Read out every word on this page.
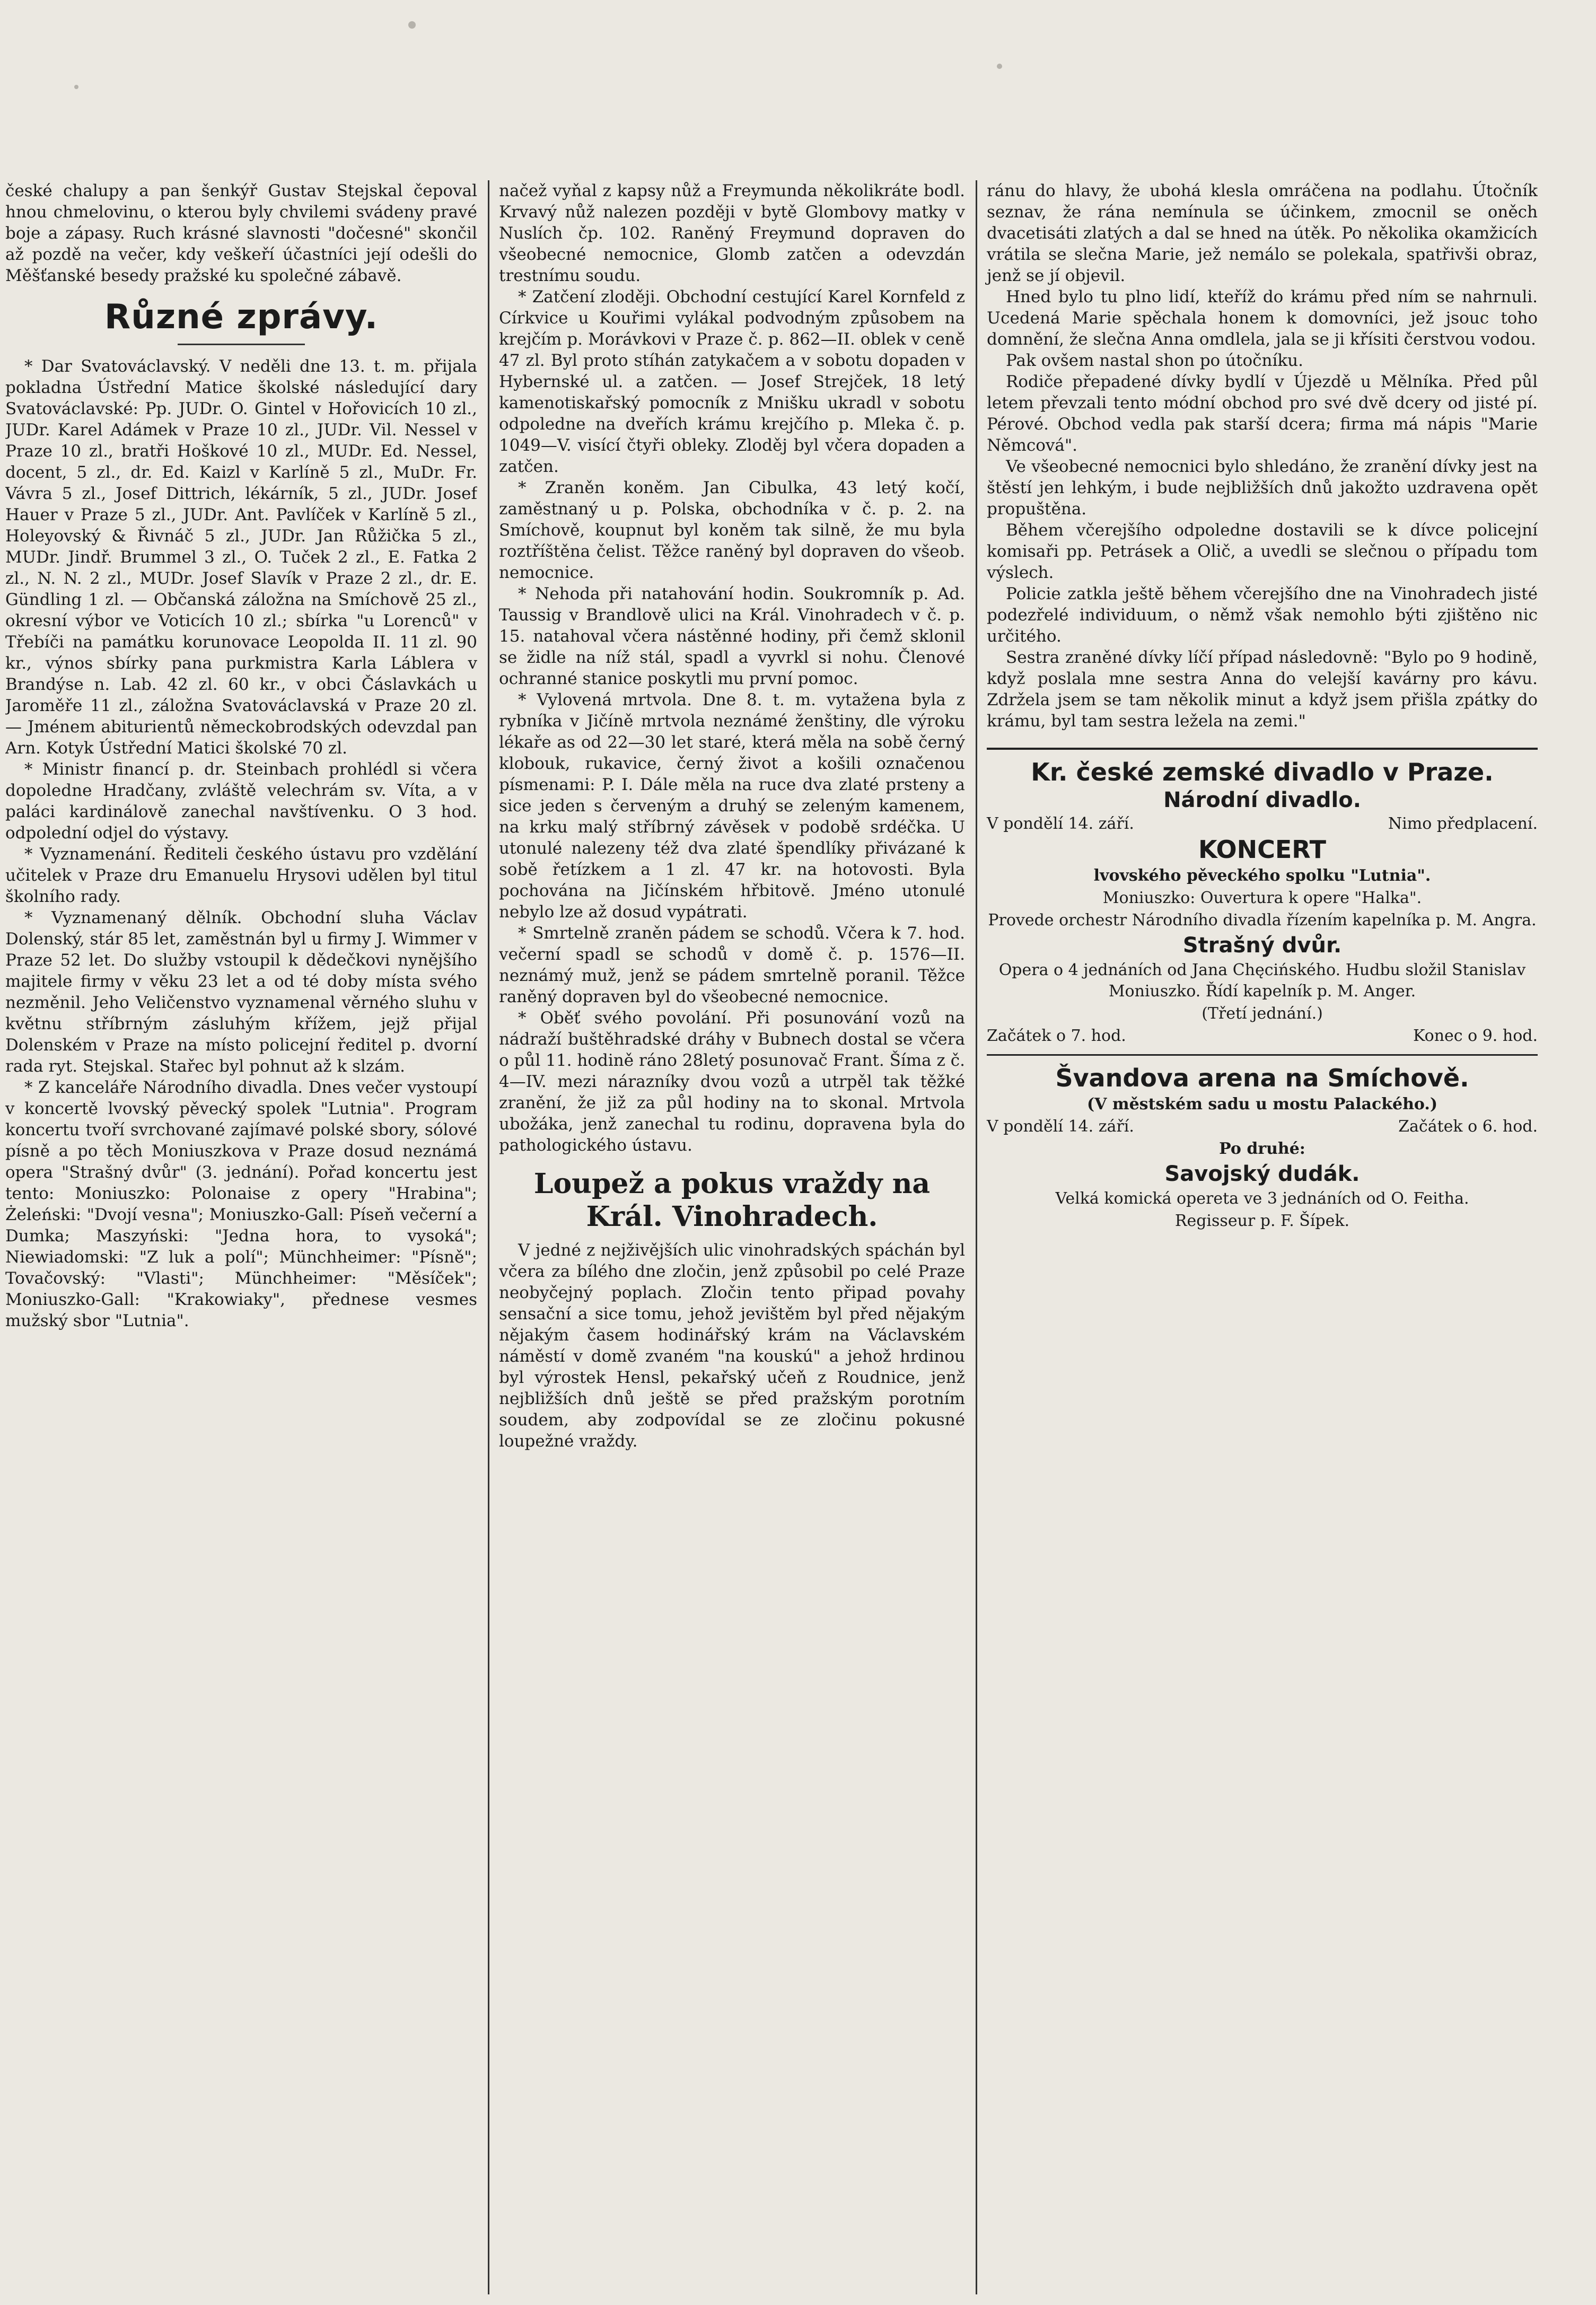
české chalupy a pan šenkýř Gustav Stejskal čepoval hnou chmelovinu, o kterou byly chvilemi svádeny pravé boje a zápasy. Ruch krásné slavnosti "dočesné" skončil až pozdě na večer, kdy veškeří účastníci její odešli do Měšťanské besedy pražské ku společné zábavě.

Různé zprávy.

* Dar Svatováclavský. V neděli dne 13. t. m. přijala pokladna Ústřední Matice školské následující dary Svatováclavské: Pp. JUDr. O. Gintel v Hořovicích 10 zl., JUDr. Karel Adámek v Praze 10 zl., JUDr. Vil. Nessel v Praze 10 zl., bratři Hoškové 10 zl., MUDr. Ed. Nessel, docent, 5 zl., dr. Ed. Kaizl v Karlíně 5 zl., MuDr. Fr. Vávra 5 zl., Josef Dittrich, lékárník, 5 zl., JUDr. Josef Hauer v Praze 5 zl., JUDr. Ant. Pavlíček v Karlíně 5 zl., Holeyovský & Řivnáč 5 zl., JUDr. Jan Růžička 5 zl., MUDr. Jindř. Brummel 3 zl., O. Tuček 2 zl., E. Fatka 2 zl., N. N. 2 zl., MUDr. Josef Slavík v Praze 2 zl., dr. E. Gündling 1 zl. — Občanská záložna na Smíchově 25 zl., okresní výbor ve Voticích 10 zl.; sbírka "u Lorenců" v Třebíči na památku korunovace Leopolda II. 11 zl. 90 kr., výnos sbírky pana purkmistra Karla Láblera v Brandýse n. Lab. 42 zl. 60 kr., v obci Čáslavkách u Jaroměře 11 zl., záložna Svatováclavská v Praze 20 zl. — Jménem abiturientů německobrodských odevzdal pan Arn. Kotyk Ústřední Matici školské 70 zl.

* Ministr financí p. dr. Steinbach prohlédl si včera dopoledne Hradčany, zvláště velechrám sv. Víta, a v paláci kardinálově zanechal navštívenku. O 3 hod. odpolední odjel do výstavy.

* Vyznamenání. Řediteli českého ústavu pro vzdělání učitelek v Praze dru Emanuelu Hrysovi udělen byl titul školního rady.

* Vyznamenaný dělník. Obchodní sluha Václav Dolenský, stár 85 let, zaměstnán byl u firmy J. Wimmer v Praze 52 let. Do služby vstoupil k dědečkovi nynějšího majitele firmy v věku 23 let a od té doby místa svého nezměnil. Jeho Veličenstvo vyznamenal věrného sluhu v květnu stříbrným zásluhým křížem, jejž přijal Dolenském v Praze na místo policejní ředitel p. dvorní rada ryt. Stejskal. Stařec byl pohnut až k slzám.

* Z kanceláře Národního divadla. Dnes večer vystoupí v koncertě lvovský pěvecký spolek "Lutnia". Program koncertu tvoří svrchované zajímavé polské sbory, sólové písně a po těch Moniuszkova v Praze dosud neznámá opera "Strašný dvůr" (3. jednání). Pořad koncertu jest tento: Moniuszko: Polonaise z opery "Hrabina"; Żeleński: "Dvojí vesna"; Moniuszko-Gall: Píseň večerní a Dumka; Maszyński: "Jedna hora, to vysoká"; Niewiadomski: "Z luk a polí"; Münchheimer: "Písně"; Tovačovský: "Vlasti"; Münchheimer: "Měsíček"; Moniuszko-Gall: "Krakowiaky", přednese vesmes mužský sbor "Lutnia".

načež vyňal z kapsy nůž a Freymunda několikráte bodl. Krvavý nůž nalezen později v bytě Glombovy matky v Nuslích čp. 102. Raněný Freymund dopraven do všeobecné nemocnice, Glomb zatčen a odevzdán trestnímu soudu.

* Zatčení zloději. Obchodní cestující Karel Kornfeld z Církvice u Kouřimi vylákal podvodným způsobem na krejčím p. Morávkovi v Praze č. p. 862—II. oblek v ceně 47 zl. Byl proto stíhán zatykačem a v sobotu dopaden v Hybernské ul. a zatčen. — Josef Strejček, 18 letý kamenotiskařský pomocník z Mnišku ukradl v sobotu odpoledne na dveřích krámu krejčího p. Mleka č. p. 1049—V. visící čtyři obleky. Zloděj byl včera dopaden a zatčen.

* Zraněn koněm. Jan Cibulka, 43 letý kočí, zaměstnaný u p. Polska, obchodníka v č. p. 2. na Smíchově, koupnut byl koněm tak silně, že mu byla roztříštěna čelist. Těžce raněný byl dopraven do všeob. nemocnice.

* Nehoda při natahování hodin. Soukromník p. Ad. Taussig v Brandlově ulici na Král. Vinohradech v č. p. 15. natahoval včera nástěnné hodiny, při čemž sklonil se židle na níž stál, spadl a vyvrkl si nohu. Členové ochranné stanice poskytli mu první pomoc.

* Vylovená mrtvola. Dne 8. t. m. vytažena byla z rybníka v Jičíně mrtvola neznámé ženštiny, dle výroku lékaře as od 22—30 let staré, která měla na sobě černý klobouk, rukavice, černý život a košili označenou písmenami: P. I. Dále měla na ruce dva zlaté prsteny a sice jeden s červeným a druhý se zeleným kamenem, na krku malý stříbrný závěsek v podobě srdéčka. U utonulé nalezeny též dva zlaté špendlíky přivázané k sobě řetízkem a 1 zl. 47 kr. na hotovosti. Byla pochována na Jičínském hřbitově. Jméno utonulé nebylo lze až dosud vypátrati.

* Smrtelně zraněn pádem se schodů. Včera k 7. hod. večerní spadl se schodů v domě č. p. 1576—II. neznámý muž, jenž se pádem smrtelně poranil. Těžce raněný dopraven byl do všeobecné nemocnice.

* Oběť svého povolání. Při posunování vozů na nádraží buštěhradské dráhy v Bubnech dostal se včera o půl 11. hodině ráno 28letý posunovač Frant. Šíma z č. 4—IV. mezi nárazníky dvou vozů a utrpěl tak těžké zranění, že již za půl hodiny na to skonal. Mrtvola ubožáka, jenž zanechal tu rodinu, dopravena byla do pathologického ústavu.

Loupež a pokus vraždy na Král. Vinohradech.

V jedné z nejživějších ulic vinohradských spáchán byl včera za bílého dne zločin, jenž způsobil po celé Praze neobyčejný poplach. Zločin tento připad povahy sensační a sice tomu, jehož jevištěm byl před nějakým nějakým časem hodinářský krám na Václavském náměstí v domě zvaném "na kouskú" a jehož hrdinou byl výrostek Hensl, pekařský učeň z Roudnice, jenž nejbližších dnů ještě se před pražským porotním soudem, aby zodpovídal se ze zločinu pokusné loupežné vraždy.

ránu do hlavy, že ubohá klesla omráčena na podlahu. Útočník seznav, že rána nemínula se účinkem, zmocnil se oněch dvacetisáti zlatých a dal se hned na útěk. Po několika okamžicích vrátila se slečna Marie, jež nemálo se polekala, spatřivši obraz, jenž se jí objevil.

Hned bylo tu plno lidí, kteříž do krámu před ním se nahrnuli. Ucedená Marie spěchala honem k domovníci, jež jsouc toho domnění, že slečna Anna omdlela, jala se ji křísiti čerstvou vodou.

Pak ovšem nastal shon po útočníku.

Rodiče přepadené dívky bydlí v Újezdě u Mělníka. Před půl letem převzali tento módní obchod pro své dvě dcery od jisté pí. Pérové. Obchod vedla pak starší dcera; firma má nápis "Marie Němcová".

Ve všeobecné nemocnici bylo shledáno, že zranění dívky jest na štěstí jen lehkým, i bude nejbližších dnů jakožto uzdravena opět propuštěna.

Během včerejšího odpoledne dostavili se k dívce policejní komisaři pp. Petrásek a Olič, a uvedli se slečnou o případu tom výslech.

Policie zatkla ještě během včerejšího dne na Vinohradech jisté podezřelé individuum, o němž však nemohlo býti zjištěno nic určitého.

Sestra zraněné dívky líčí případ následovně: "Bylo po 9 hodině, když poslala mne sestra Anna do velejší kavárny pro kávu. Zdržela jsem se tam několik minut a když jsem přišla zpátky do krámu, byl tam sestra ležela na zemi."

Kr. české zemské divadlo v Praze.
Národní divadlo.
V pondělí 14. září.	Nimo předplacení.
KONCERT
lvovského pěveckého spolku "Lutnia".
Moniuszko: Ouvertura k opere "Halka".
Provede orchestr Národního divadla řízením kapelníka p. M. Angra.
Strašný dvůr.
Opera o 4 jednáních od Jana Chęcińského. Hudbu složil Stanislav Moniuszko. Řídí kapelník p. M. Anger.
(Třetí jednání.)
Začátek o 7. hod.	Konec o 9. hod.
Švandova arena na Smíchově.
(V městském sadu u mostu Palackého.)
V pondělí 14. září.	Začátek o 6. hod.
Po druhé:
Savojský dudák.
Velká komická opereta ve 3 jednáních od O. Feitha.
Regisseur p. F. Šípek.
